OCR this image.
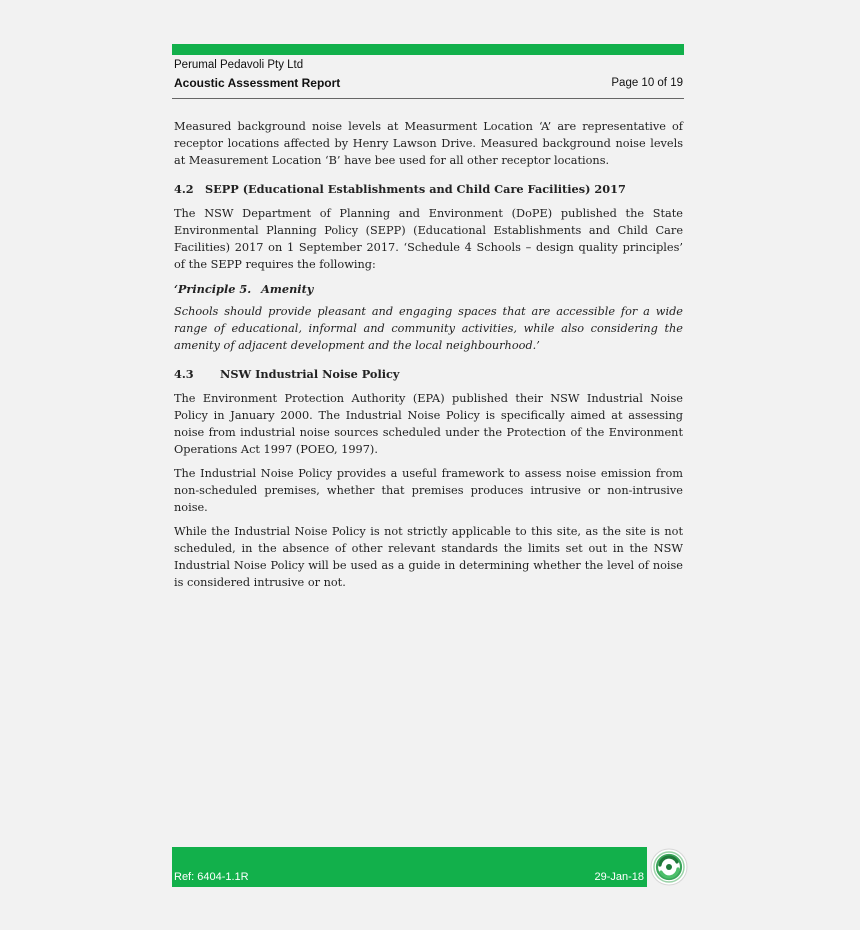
Perumal Pedavoli Pty Ltd
Acoustic Assessment Report	Page 10 of 19

Measured background noise levels at Measurment Location ‘A’ are representative of receptor locations affected by Henry Lawson Drive. Measured background noise levels at Measurement Location ‘B’ have bee used for all other receptor locations.

4.2	SEPP (Educational Establishments and Child Care Facilities) 2017

The NSW Department of Planning and Environment (DoPE) published the State Environmental Planning Policy (SEPP) (Educational Establishments and Child Care Facilities) 2017 on 1 September 2017. ‘Schedule 4 Schools – design quality principles’ of the SEPP requires the following:

‘Principle 5. Amenity

Schools should provide pleasant and engaging spaces that are accessible for a wide range of educational, informal and community activities, while also considering the amenity of adjacent development and the local neighbourhood.’

4.3	NSW Industrial Noise Policy

The Environment Protection Authority (EPA) published their NSW Industrial Noise Policy in January 2000. The Industrial Noise Policy is specifically aimed at assessing noise from industrial noise sources scheduled under the Protection of the Environment Operations Act 1997 (POEO, 1997).

The Industrial Noise Policy provides a useful framework to assess noise emission from non-scheduled premises, whether that premises produces intrusive or non-intrusive noise.

While the Industrial Noise Policy is not strictly applicable to this site, as the site is not scheduled, in the absence of other relevant standards the limits set out in the NSW Industrial Noise Policy will be used as a guide in determining whether the level of noise is considered intrusive or not.

Ref: 6404-1.1R	29-Jan-18
